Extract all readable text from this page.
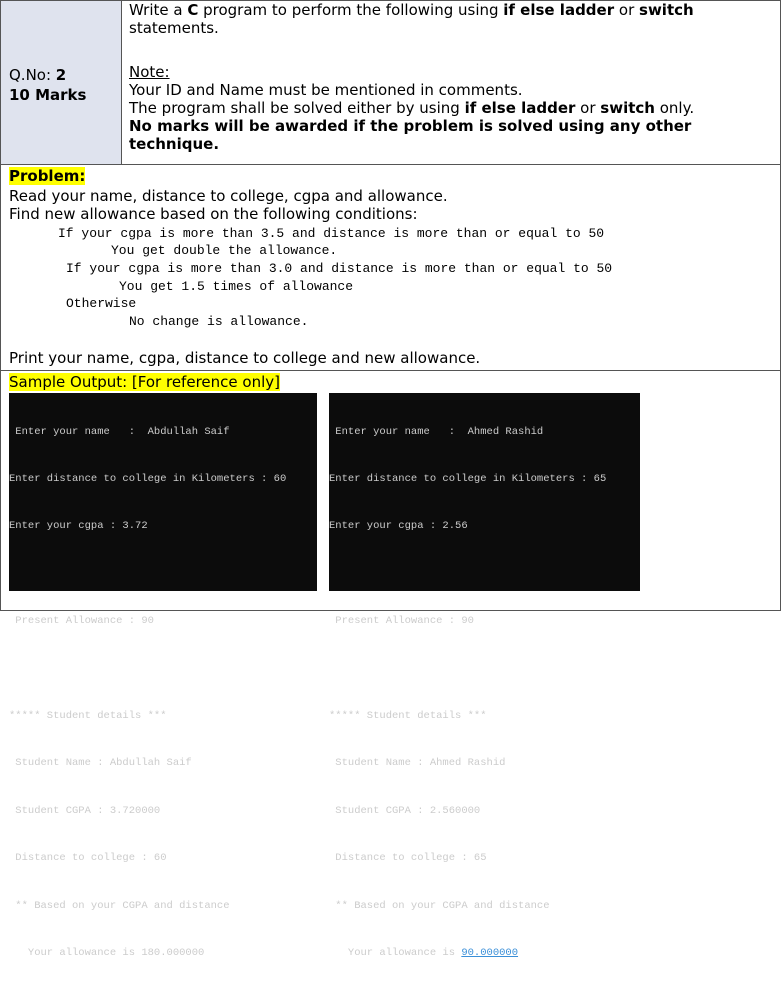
Q.No: 2
10 Marks

Write a C program to perform the following using if else ladder or switch

statements.

Note:

Your ID and Name must be mentioned in comments.

The program shall be solved either by using if else ladder or switch only.

No marks will be awarded if the problem is solved using any other

technique.

Problem:
Read your name, distance to college, cgpa and allowance.
Find new allowance based on the following conditions:
If your cgpa is more than 3.5 and distance is more than or equal to 50
You get double the allowance.
If your cgpa is more than 3.0 and distance is more than or equal to 50
You get 1.5 times of allowance
Otherwise
No change is allowance.
Print your name, cgpa, distance to college and new allowance.
Sample Output: [For reference only]

Enter your name   :  Abdullah Saif

Enter distance to college in Kilometers : 60

Enter your cgpa : 3.72

Present Allowance : 90

***** Student details ***

Student Name : Abdullah Saif

Student CGPA : 3.720000

Distance to college : 60

** Based on your CGPA and distance

Your allowance is 180.000000

Enter your name   :  Ahmed Rashid

Enter distance to college in Kilometers : 65

Enter your cgpa : 2.56

Present Allowance : 90

***** Student details ***

Student Name : Ahmed Rashid

Student CGPA : 2.560000

Distance to college : 65

** Based on your CGPA and distance

Your allowance is 90.000000
